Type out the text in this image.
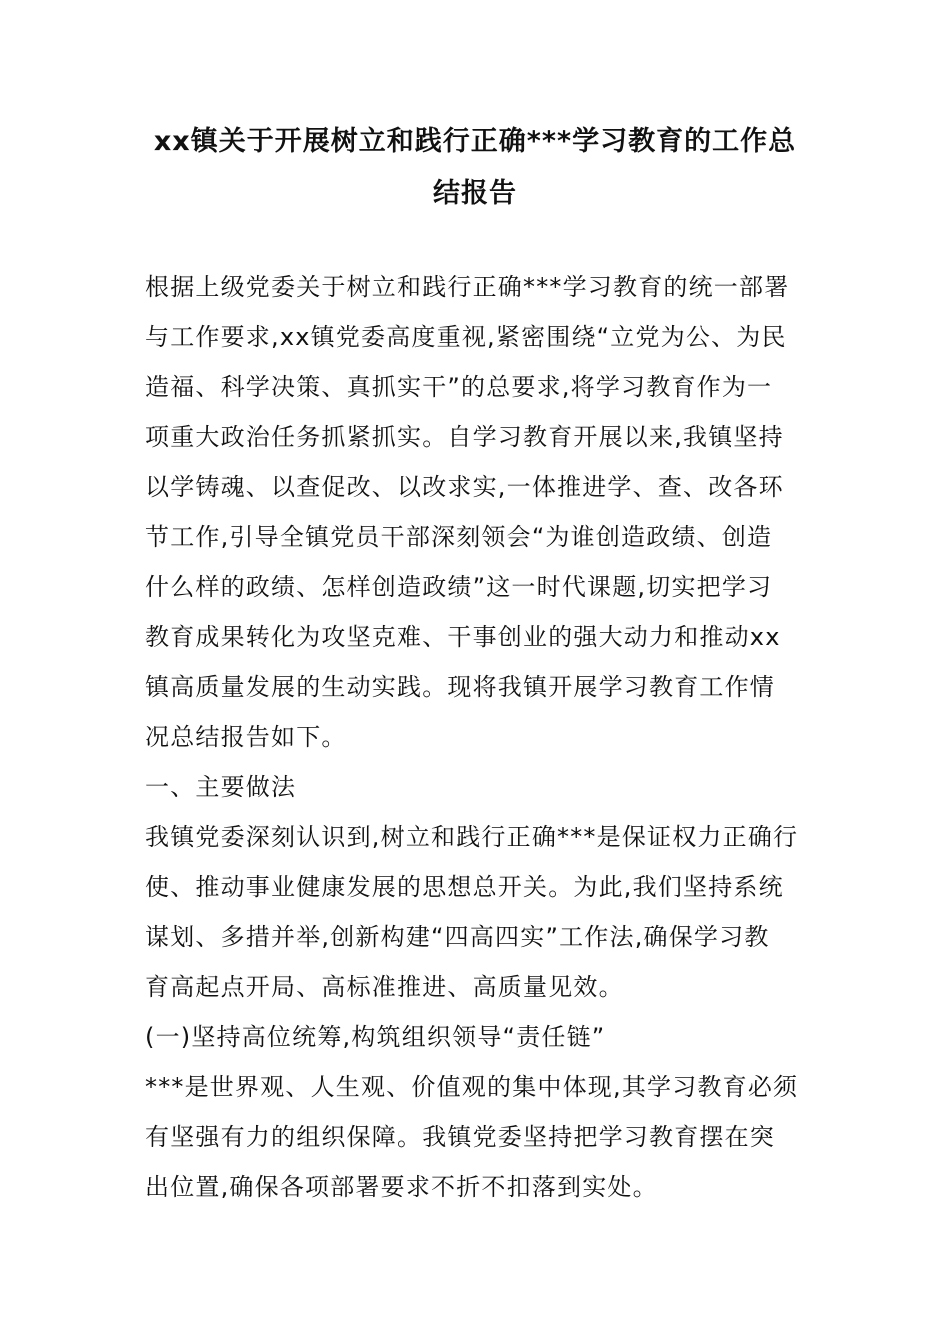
xx镇关于开展树立和践行正确***学习教育的工作总
结报告
根据上级党委关于树立和践行正确***学习教育的统一部署
与工作要求,xx镇党委高度重视,紧密围绕“立党为公、为民
造福、科学决策、真抓实干”的总要求,将学习教育作为一
项重大政治任务抓紧抓实。自学习教育开展以来,我镇坚持
以学铸魂、以查促改、以改求实,一体推进学、查、改各环
节工作,引导全镇党员干部深刻领会“为谁创造政绩、创造
什么样的政绩、怎样创造政绩”这一时代课题,切实把学习
教育成果转化为攻坚克难、干事创业的强大动力和推动xx
镇高质量发展的生动实践。现将我镇开展学习教育工作情
况总结报告如下。
一、主要做法
我镇党委深刻认识到,树立和践行正确***是保证权力正确行
使、推动事业健康发展的思想总开关。为此,我们坚持系统
谋划、多措并举,创新构建“四高四实”工作法,确保学习教
育高起点开局、高标准推进、高质量见效。
(一)坚持高位统筹,构筑组织领导“责任链”
***是世界观、人生观、价值观的集中体现,其学习教育必须
有坚强有力的组织保障。我镇党委坚持把学习教育摆在突
出位置,确保各项部署要求不折不扣落到实处。
